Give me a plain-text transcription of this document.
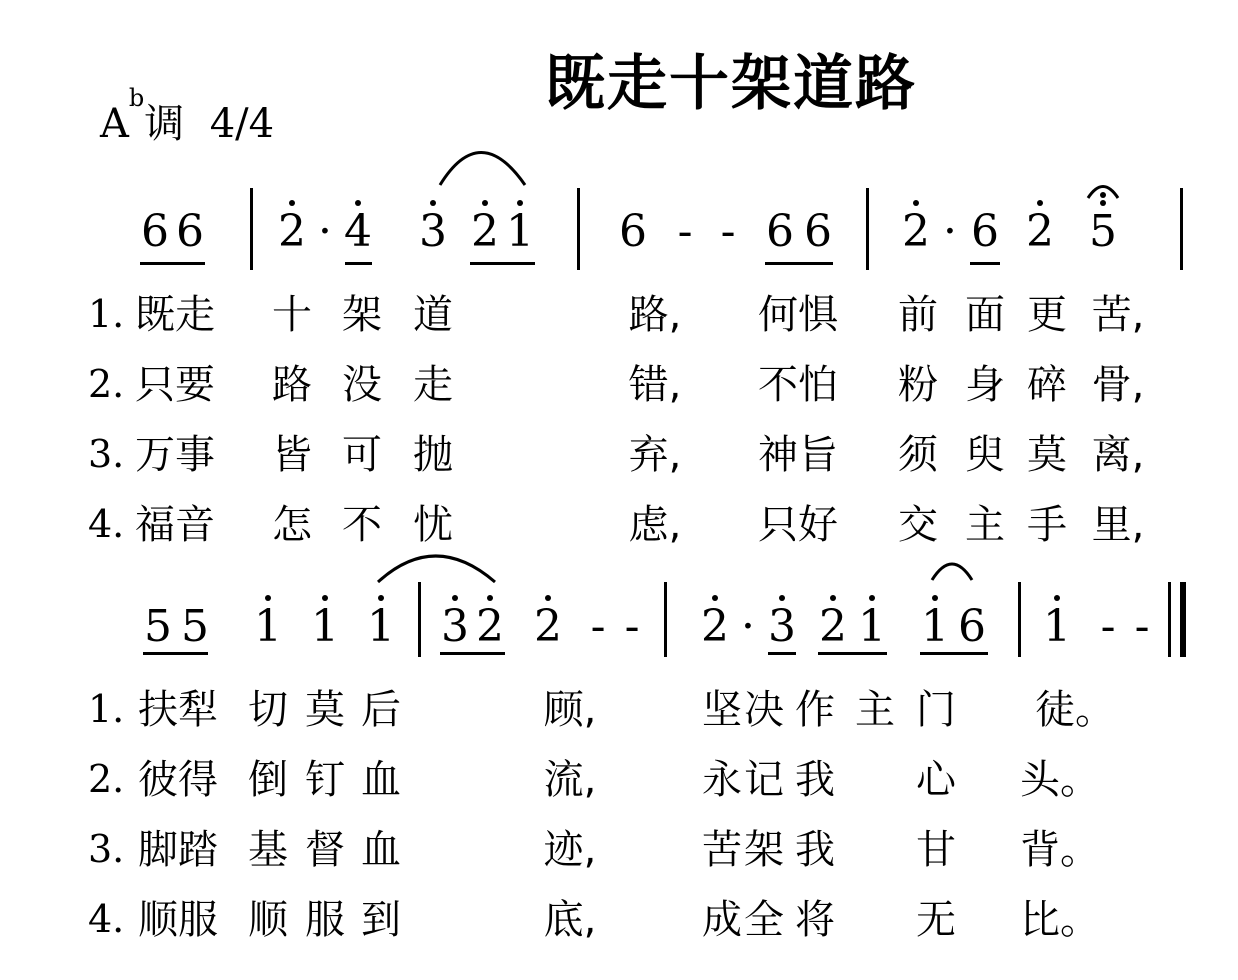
既走十架道路
$A^b$调 4/4
6 6 2 · 4 3 2 1 6 - - 6 6 2 · 6 2 5
5 5 1 1 1 3 2 2 - - 2 · 3 2 1 1 6 1 - -
1. 既 走 十 架 道	路, 何 惧 前 面 更 苦,
2. 只 要 路 没 走	错, 不 怕 粉 身 碎 骨,
3. 万 事 皆 可 抛	弃, 神 旨 须 臾 莫 离,
4. 福 音 怎 不 忧	虑, 只 好 交 主 手 里,
1. 扶 犁 切 莫 后	顾,	坚 决 作 主 门 徒。
2. 彼 得 倒 钉 血	流,	永 记 我 心 头。
3. 脚 踏 基 督 血	迹,	苦 架 我 甘 背。
4. 顺 服 顺 服 到	底,	成 全 将 无 比。
